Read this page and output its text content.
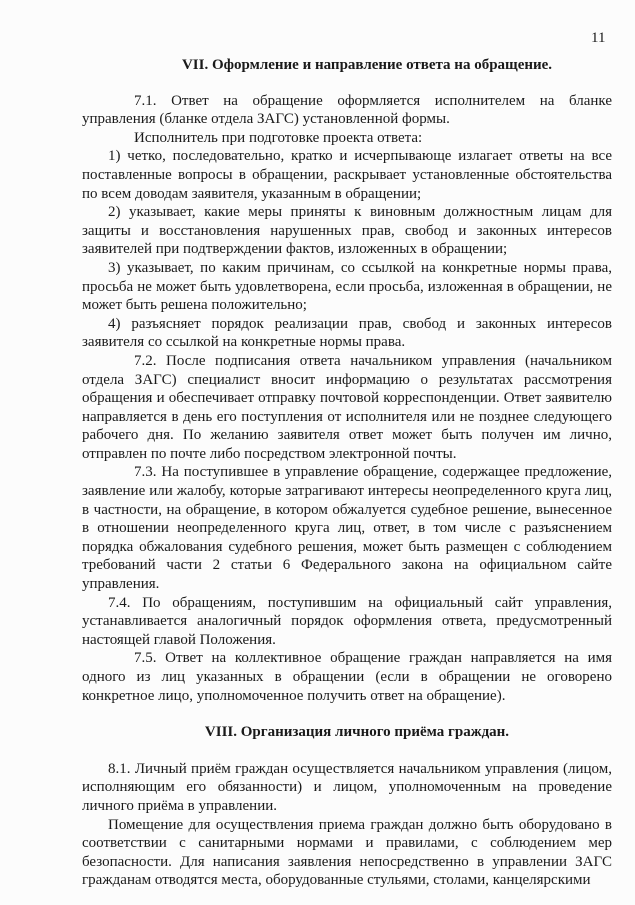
11
VII. Оформление и направление ответа на обращение.

7.1. Ответ на обращение оформляется исполнителем на бланке управления (бланке отдела ЗАГС) установленной формы.

Исполнитель при подготовке проекта ответа:

1) четко, последовательно, кратко и исчерпывающе излагает ответы на все поставленные вопросы в обращении, раскрывает установленные обстоятельства по всем доводам заявителя, указанным в обращении;

2) указывает, какие меры приняты к виновным должностным лицам для защиты и восстановления нарушенных прав, свобод и законных интересов заявителей при подтверждении фактов, изложенных в обращении;

3) указывает, по каким причинам, со ссылкой на конкретные нормы права, просьба не может быть удовлетворена, если просьба, изложенная в обращении, не может быть решена положительно;

4) разъясняет порядок реализации прав, свобод и законных интересов заявителя со ссылкой на конкретные нормы права.

7.2. После подписания ответа начальником управления (начальником отдела ЗАГС) специалист вносит информацию о результатах рассмотрения обращения и обеспечивает отправку почтовой корреспонденции. Ответ заявителю направляется в день его поступления от исполнителя или не позднее следующего рабочего дня. По желанию заявителя ответ может быть получен им лично, отправлен по почте либо посредством электронной почты.

7.3. На поступившее в управление обращение, содержащее предложение, заявление или жалобу, которые затрагивают интересы неопределенного круга лиц, в частности, на обращение, в котором обжалуется судебное решение, вынесенное в отношении неопределенного круга лиц, ответ, в том числе с разъяснением порядка обжалования судебного решения, может быть размещен с соблюдением требований части 2 статьи 6 Федерального закона на официальном сайте управления.

7.4. По обращениям, поступившим на официальный сайт управления, устанавливается аналогичный порядок оформления ответа, предусмотренный настоящей главой Положения.

7.5. Ответ на коллективное обращение граждан направляется на имя одного из лиц указанных в обращении (если в обращении не оговорено конкретное лицо, уполномоченное получить ответ на обращение).

VIII. Организация личного приёма граждан.

8.1. Личный приём граждан осуществляется начальником управления (лицом, исполняющим его обязанности) и лицом, уполномоченным на проведение личного приёма в управлении.

Помещение для осуществления приема граждан должно быть оборудовано в соответствии с санитарными нормами и правилами, с соблюдением мер безопасности. Для написания заявления непосредственно в управлении ЗАГС гражданам отводятся места, оборудованные стульями, столами, канцелярскими
